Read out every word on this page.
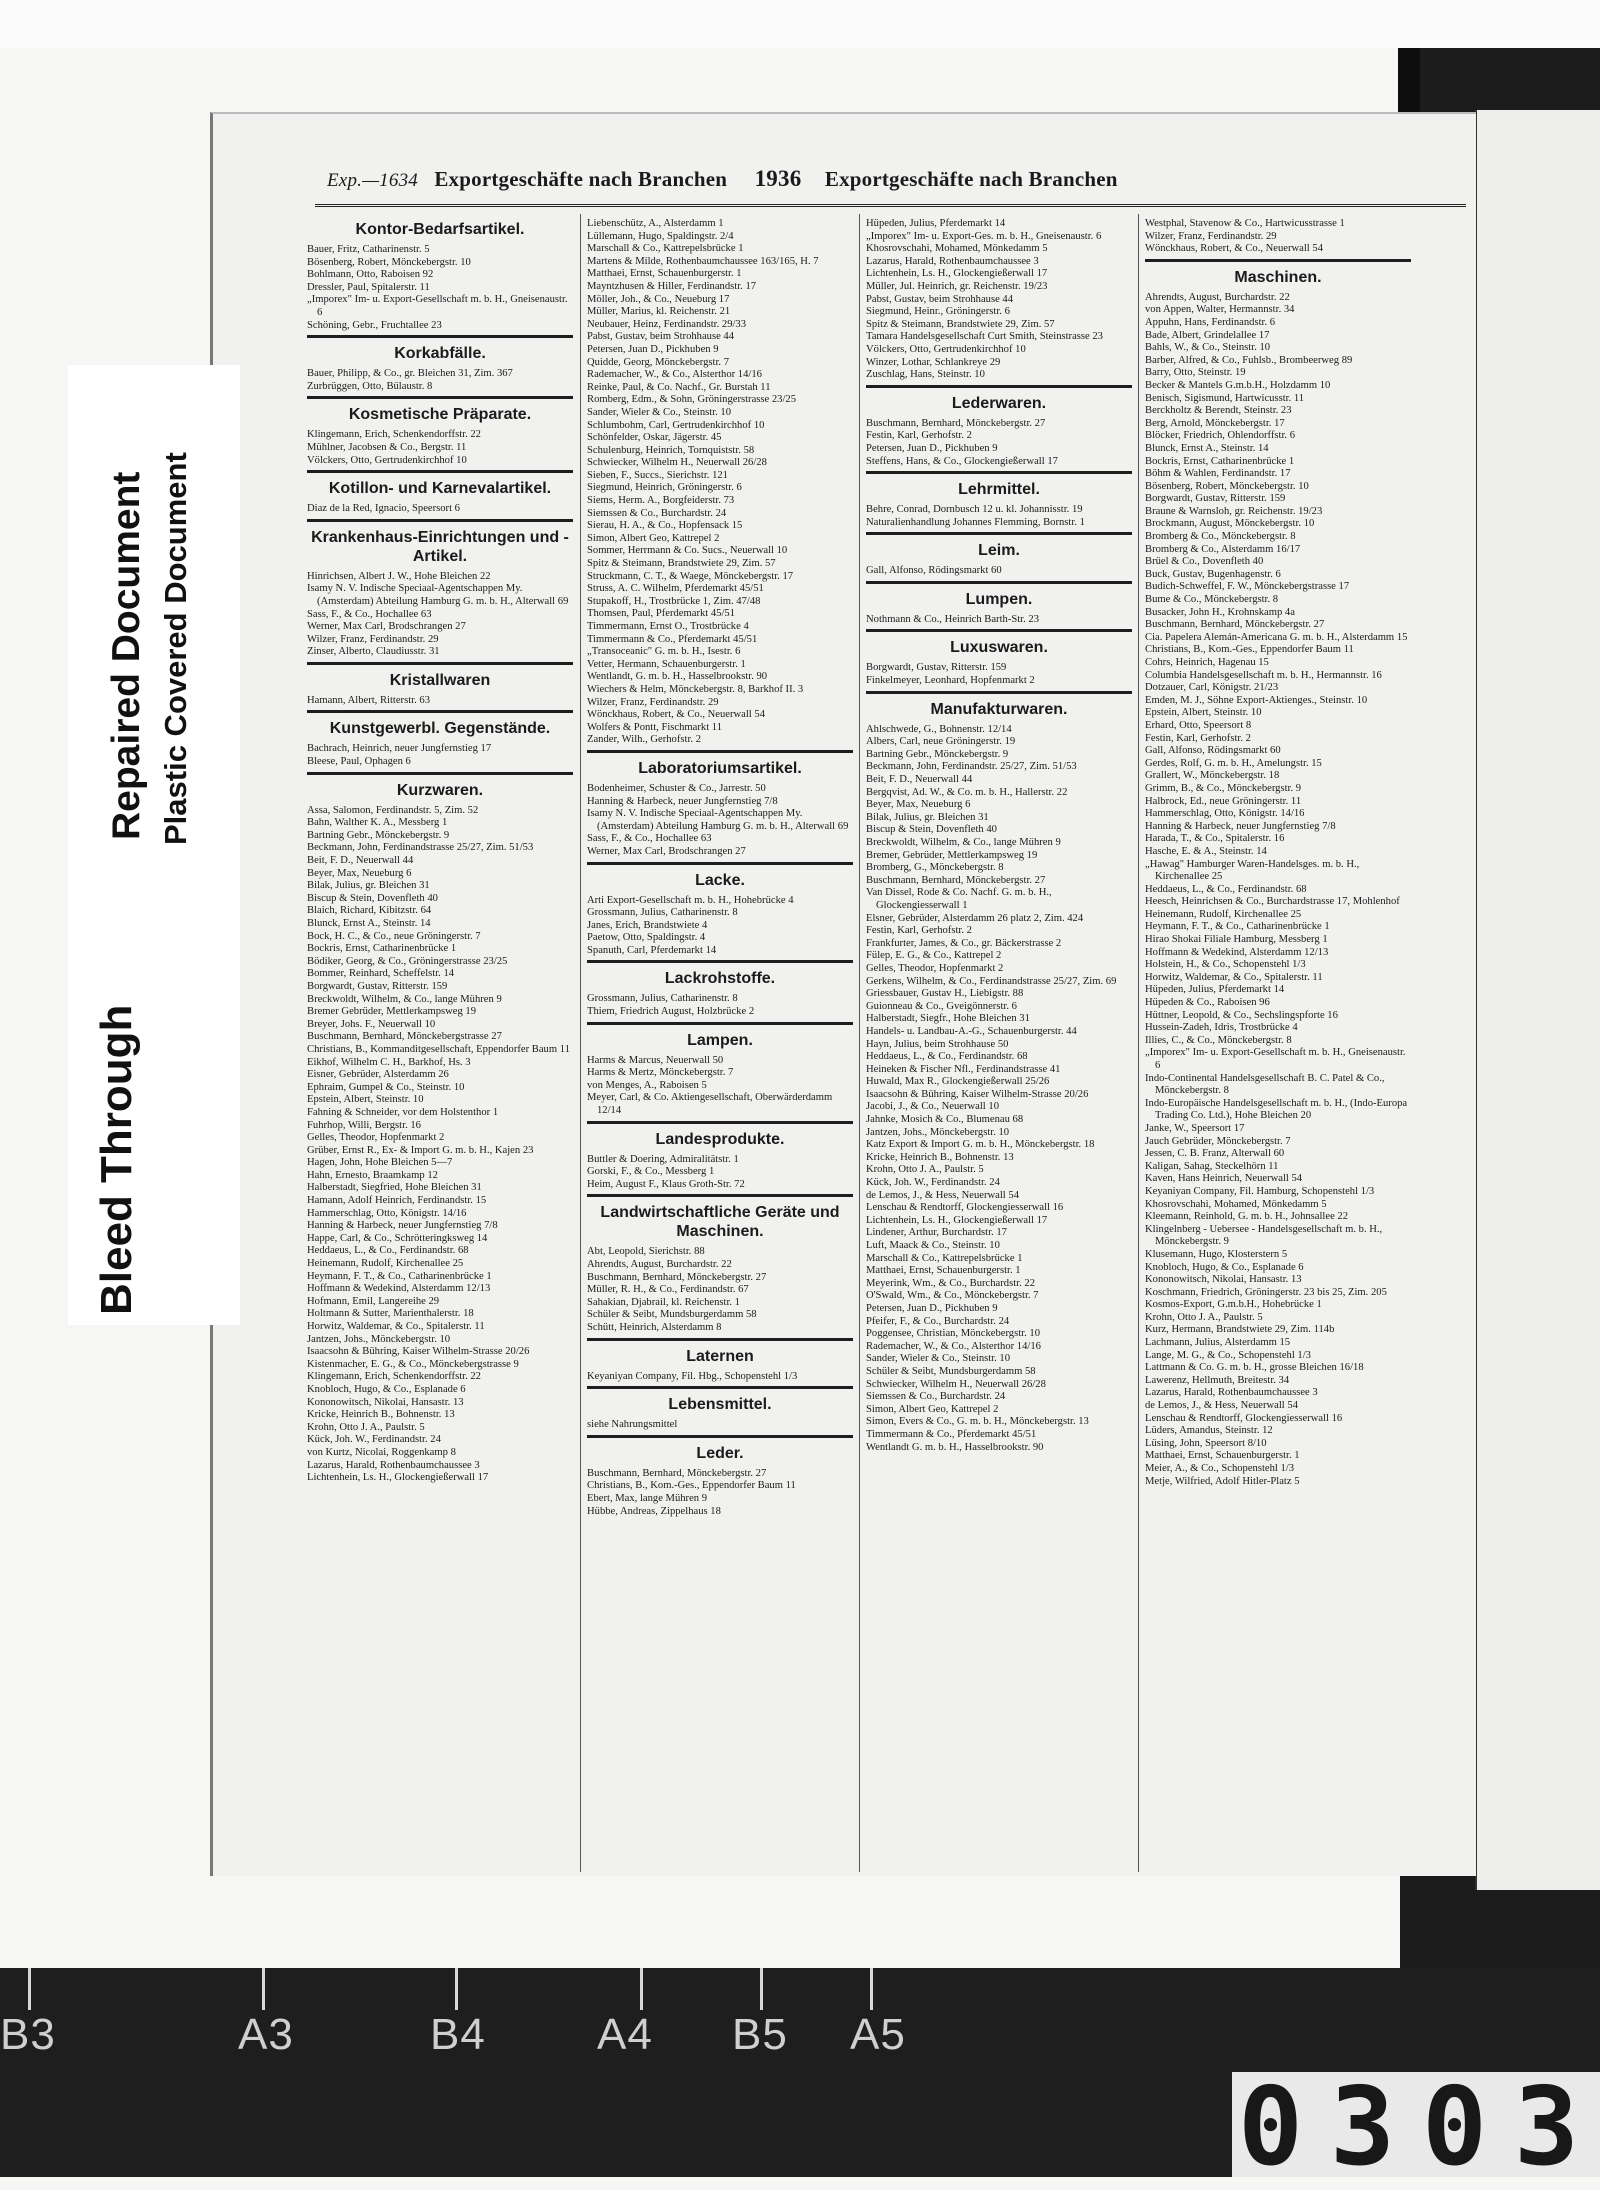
Exp.—1634 Exportgeschäfte nach Branchen 1936 Exportgeschäfte nach Branchen
Kontor-Bedarfsartikel.

Bauer, Fritz, Catharinenstr. 5

Bösenberg, Robert, Mönckebergstr. 10

Bohlmann, Otto, Raboisen 92

Dressler, Paul, Spitalerstr. 11

„Imporex" Im- u. Export-Gesellschaft m. b. H., Gneisenaustr. 6

Schöning, Gebr., Fruchtallee 23

Korkabfälle.

Bauer, Philipp, & Co., gr. Bleichen 31, Zim. 367

Zurbrüggen, Otto, Bülaustr. 8

Kosmetische Präparate.

Klingemann, Erich, Schenkendorffstr. 22

Mühlner, Jacobsen & Co., Bergstr. 11

Völckers, Otto, Gertrudenkirchhof 10

Kotillon- und Karnevalartikel.

Diaz de la Red, Ignacio, Speersort 6

Krankenhaus-Einrichtungen und -Artikel.

Hinrichsen, Albert J. W., Hohe Bleichen 22

Isamy N. V. Indische Speciaal-Agentschappen My. (Amsterdam) Abteilung Hamburg G. m. b. H., Alterwall 69

Sass, F., & Co., Hochallee 63

Werner, Max Carl, Brodschrangen 27

Wilzer, Franz, Ferdinandstr. 29

Zinser, Alberto, Claudiusstr. 31

Kristallwaren

Hamann, Albert, Ritterstr. 63

Kunstgewerbl. Gegenstände.

Bachrach, Heinrich, neuer Jungfernstieg 17

Bleese, Paul, Ophagen 6

Kurzwaren.

Assa, Salomon, Ferdinandstr. 5, Zim. 52

Bahn, Walther K. A., Messberg 1

Bartning Gebr., Mönckebergstr. 9

Beckmann, John, Ferdinandstrasse 25/27, Zim. 51/53

Beit, F. D., Neuerwall 44

Beyer, Max, Neueburg 6

Bilak, Julius, gr. Bleichen 31

Biscup & Stein, Dovenfleth 40

Blaich, Richard, Kibitzstr. 64

Blunck, Ernst A., Steinstr. 14

Bock, H. C., & Co., neue Gröningerstr. 7

Bockris, Ernst, Catharinenbrücke 1

Bödiker, Georg, & Co., Gröningerstrasse 23/25

Bommer, Reinhard, Scheffelstr. 14

Borgwardt, Gustav, Ritterstr. 159

Breckwoldt, Wilhelm, & Co., lange Mühren 9

Bremer Gebrüder, Mettlerkampsweg 19

Breyer, Johs. F., Neuerwall 10

Buschmann, Bernhard, Mönckebergstrasse 27

Christians, B., Kommanditgesellschaft, Eppendorfer Baum 11

Eikhof, Wilhelm C. H., Barkhof, Hs. 3

Eisner, Gebrüder, Alsterdamm 26

Ephraim, Gumpel & Co., Steinstr. 10

Epstein, Albert, Steinstr. 10

Fahning & Schneider, vor dem Holstenthor 1

Fuhrhop, Willi, Bergstr. 16

Gelles, Theodor, Hopfenmarkt 2

Grüber, Ernst R., Ex- & Import G. m. b. H., Kajen 23

Hagen, John, Hohe Bleichen 5—7

Hahn, Ernesto, Braamkamp 12

Halberstadt, Siegfried, Hohe Bleichen 31

Hamann, Adolf Heinrich, Ferdinandstr. 15

Hammerschlag, Otto, Königstr. 14/16

Hanning & Harbeck, neuer Jungfernstieg 7/8

Happe, Carl, & Co., Schrötteringksweg 14

Heddaeus, L., & Co., Ferdinandstr. 68

Heinemann, Rudolf, Kirchenallee 25

Heymann, F. T., & Co., Catharinenbrücke 1

Hoffmann & Wedekind, Alsterdamm 12/13

Hofmann, Emil, Langereihe 29

Holtmann & Sutter, Marienthalerstr. 18

Horwitz, Waldemar, & Co., Spitalerstr. 11

Jantzen, Johs., Mönckebergstr. 10

Isaacsohn & Bühring, Kaiser Wilhelm-Strasse 20/26

Kistenmacher, E. G., & Co., Mönckebergstrasse 9

Klingemann, Erich, Schenkendorffstr. 22

Knobloch, Hugo, & Co., Esplanade 6

Kononowitsch, Nikolai, Hansastr. 13

Kricke, Heinrich B., Bohnenstr. 13

Krohn, Otto J. A., Paulstr. 5

Kück, Joh. W., Ferdinandstr. 24

von Kurtz, Nicolai, Roggenkamp 8

Lazarus, Harald, Rothenbaumchaussee 3

Lichtenhein, Ls. H., Glockengießerwall 17

Liebenschütz, A., Alsterdamm 1

Lüllemann, Hugo, Spaldingstr. 2/4

Marschall & Co., Kattrepelsbrücke 1

Martens & Milde, Rothenbaumchaussee 163/165, H. 7

Matthaei, Ernst, Schauenburgerstr. 1

Mayntzhusen & Hiller, Ferdinandstr. 17

Möller, Joh., & Co., Neueburg 17

Müller, Marius, kl. Reichenstr. 21

Neubauer, Heinz, Ferdinandstr. 29/33

Pabst, Gustav, beim Strohhause 44

Petersen, Juan D., Pickhuben 9

Quidde, Georg, Mönckebergstr. 7

Rademacher, W., & Co., Alsterthor 14/16

Reinke, Paul, & Co. Nachf., Gr. Burstah 11

Romberg, Edm., & Sohn, Gröningerstrasse 23/25

Sander, Wieler & Co., Steinstr. 10

Schlumbohm, Carl, Gertrudenkirchhof 10

Schönfelder, Oskar, Jägerstr. 45

Schulenburg, Heinrich, Tornquiststr. 58

Schwiecker, Wilhelm H., Neuerwall 26/28

Sieben, F., Succs., Sierichstr. 121

Siegmund, Heinrich, Gröningerstr. 6

Siems, Herm. A., Borgfeiderstr. 73

Siemssen & Co., Burchardstr. 24

Sierau, H. A., & Co., Hopfensack 15

Simon, Albert Geo, Kattrepel 2

Sommer, Herrmann & Co. Sucs., Neuerwall 10

Spitz & Steimann, Brandstwiete 29, Zim. 57

Struckmann, C. T., & Waege, Mönckebergstr. 17

Struss, A. C. Wilhelm, Pferdemarkt 45/51

Stupakoff, H., Trostbrücke 1, Zim. 47/48

Thomsen, Paul, Pferdemarkt 45/51

Timmermann, Ernst O., Trostbrücke 4

Timmermann & Co., Pferdemarkt 45/51

„Transoceanic" G. m. b. H., Isestr. 6

Vetter, Hermann, Schauenburgerstr. 1

Wentlandt, G. m. b. H., Hasselbrookstr. 90

Wiechers & Helm, Mönckebergstr. 8, Barkhof II. 3

Wilzer, Franz, Ferdinandstr. 29

Wönckhaus, Robert, & Co., Neuerwall 54

Wolfers & Pontt, Fischmarkt 11

Zander, Wilh., Gerhofstr. 2

Laboratoriumsartikel.

Bodenheimer, Schuster & Co., Jarrestr. 50

Hanning & Harbeck, neuer Jungfernstieg 7/8

Isamy N. V. Indische Speciaal-Agentschappen My. (Amsterdam) Abteilung Hamburg G. m. b. H., Alterwall 69

Sass, F., & Co., Hochallee 63

Werner, Max Carl, Brodschrangen 27

Lacke.

Arti Export-Gesellschaft m. b. H., Hohebrücke 4

Grossmann, Julius, Catharinenstr. 8

Janes, Erich, Brandstwiete 4

Paetow, Otto, Spaldingstr. 4

Spanuth, Carl, Pferdemarkt 14

Lackrohstoffe.

Grossmann, Julius, Catharinenstr. 8

Thiem, Friedrich August, Holzbrücke 2

Lampen.

Harms & Marcus, Neuerwall 50

Harms & Mertz, Mönckebergstr. 7

von Menges, A., Raboisen 5

Meyer, Carl, & Co. Aktiengesellschaft, Oberwärderdamm 12/14

Landesprodukte.

Buttler & Doering, Admiralitätstr. 1

Gorski, F., & Co., Messberg 1

Heim, August F., Klaus Groth-Str. 72

Landwirtschaftliche Geräte und Maschinen.

Abt, Leopold, Sierichstr. 88

Ahrendts, August, Burchardstr. 22

Buschmann, Bernhard, Mönckebergstr. 27

Müller, R. H., & Co., Ferdinandstr. 67

Sahakian, Djabrail, kl. Reichenstr. 1

Schüler & Seibt, Mundsburgerdamm 58

Schütt, Heinrich, Alsterdamm 8

Laternen

Keyaniyan Company, Fil. Hbg., Schopenstehl 1/3

Lebensmittel.

siehe Nahrungsmittel

Leder.

Buschmann, Bernhard, Mönckebergstr. 27

Christians, B., Kom.-Ges., Eppendorfer Baum 11

Ebert, Max, lange Mühren 9

Hübbe, Andreas, Zippelhaus 18

Hüpeden, Julius, Pferdemarkt 14

„Imporex" Im- u. Export-Ges. m. b. H., Gneisenaustr. 6

Khosrovschahi, Mohamed, Mönkedamm 5

Lazarus, Harald, Rothenbaumchaussee 3

Lichtenhein, Ls. H., Glockengießerwall 17

Müller, Jul. Heinrich, gr. Reichenstr. 19/23

Pabst, Gustav, beim Strohhause 44

Siegmund, Heinr., Gröningerstr. 6

Spitz & Steimann, Brandstwiete 29, Zim. 57

Tamara Handelsgesellschaft Curt Smith, Steinstrasse 23

Völckers, Otto, Gertrudenkirchhof 10

Winzer, Lothar, Schlankreye 29

Zuschlag, Hans, Steinstr. 10

Lederwaren.

Buschmann, Bernhard, Mönckebergstr. 27

Festin, Karl, Gerhofstr. 2

Petersen, Juan D., Pickhuben 9

Steffens, Hans, & Co., Glockengießerwall 17

Lehrmittel.

Behre, Conrad, Dornbusch 12 u. kl. Johannisstr. 19

Naturalienhandlung Johannes Flemming, Bornstr. 1

Leim.

Gall, Alfonso, Rödingsmarkt 60

Lumpen.

Nothmann & Co., Heinrich Barth-Str. 23

Luxuswaren.

Borgwardt, Gustav, Ritterstr. 159

Finkelmeyer, Leonhard, Hopfenmarkt 2

Manufakturwaren.

Ahlschwede, G., Bohnenstr. 12/14

Albers, Carl, neue Gröningerstr. 19

Bartning Gebr., Mönckebergstr. 9

Beckmann, John, Ferdinandstr. 25/27, Zim. 51/53

Beit, F. D., Neuerwall 44

Bergqvist, Ad. W., & Co. m. b. H., Hallerstr. 22

Beyer, Max, Neueburg 6

Bilak, Julius, gr. Bleichen 31

Biscup & Stein, Dovenfleth 40

Breckwoldt, Wilhelm, & Co., lange Mühren 9

Bremer, Gebrüder, Mettlerkampsweg 19

Bromberg, G., Mönckebergstr. 8

Buschmann, Bernhard, Mönckebergstr. 27

Van Dissel, Rode & Co. Nachf. G. m. b. H., Glockengiesserwall 1

Elsner, Gebrüder, Alsterdamm 26 platz 2, Zim. 424

Festin, Karl, Gerhofstr. 2

Frankfurter, James, & Co., gr. Bäckerstrasse 2

Fülep, E. G., & Co., Kattrepel 2

Gelles, Theodor, Hopfenmarkt 2

Gerkens, Wilhelm, & Co., Ferdinandstrasse 25/27, Zim. 69

Griessbauer, Gustav H., Liebigstr. 88

Guionneau & Co., Gveigönnerstr. 6

Halberstadt, Siegfr., Hohe Bleichen 31

Handels- u. Landbau-A.-G., Schauenburgerstr. 44

Hayn, Julius, beim Strohhause 50

Heddaeus, L., & Co., Ferdinandstr. 68

Heineken & Fischer Nfl., Ferdinandstrasse 41

Huwald, Max R., Glockengießerwall 25/26

Isaacsohn & Bühring, Kaiser Wilhelm-Strasse 20/26

Jacobi, J., & Co., Neuerwall 10

Jahnke, Mosich & Co., Blumenau 68

Jantzen, Johs., Mönckebergstr. 10

Katz Export & Import G. m. b. H., Mönckebergstr. 18

Kricke, Heinrich B., Bohnenstr. 13

Krohn, Otto J. A., Paulstr. 5

Kück, Joh. W., Ferdinandstr. 24

de Lemos, J., & Hess, Neuerwall 54

Lenschau & Rendtorff, Glockengiesserwall 16

Lichtenhein, Ls. H., Glockengießerwall 17

Lindener, Arthur, Burchardstr. 17

Luft, Maack & Co., Steinstr. 10

Marschall & Co., Kattrepelsbrücke 1

Matthaei, Ernst, Schauenburgerstr. 1

Meyerink, Wm., & Co., Burchardstr. 22

O'Swald, Wm., & Co., Mönckebergstr. 7

Petersen, Juan D., Pickhuben 9

Pfeifer, F., & Co., Burchardstr. 24

Poggensee, Christian, Mönckebergstr. 10

Rademacher, W., & Co., Alsterthor 14/16

Sander, Wieler & Co., Steinstr. 10

Schüler & Seibt, Mundsburgerdamm 58

Schwiecker, Wilhelm H., Neuerwall 26/28

Siemssen & Co., Burchardstr. 24

Simon, Albert Geo, Kattrepel 2

Simon, Evers & Co., G. m. b. H., Mönckebergstr. 13

Timmermann & Co., Pferdemarkt 45/51

Wentlandt G. m. b. H., Hasselbrookstr. 90

Westphal, Stavenow & Co., Hartwicusstrasse 1

Wilzer, Franz, Ferdinandstr. 29

Wönckhaus, Robert, & Co., Neuerwall 54

Maschinen.

Ahrendts, August, Burchardstr. 22

von Appen, Walter, Hermannstr. 34

Appuhn, Hans, Ferdinandstr. 6

Bade, Albert, Grindelallee 17

Bahls, W., & Co., Steinstr. 10

Barber, Alfred, & Co., Fuhlsb., Brombeerweg 89

Barry, Otto, Steinstr. 19

Becker & Mantels G.m.b.H., Holzdamm 10

Benisch, Sigismund, Hartwicusstr. 11

Berckholtz & Berendt, Steinstr. 23

Berg, Arnold, Mönckebergstr. 17

Blöcker, Friedrich, Ohlendorffstr. 6

Blunck, Ernst A., Steinstr. 14

Bockris, Ernst, Catharinenbrücke 1

Böhm & Wahlen, Ferdinandstr. 17

Bösenberg, Robert, Mönckebergstr. 10

Borgwardt, Gustav, Ritterstr. 159

Braune & Warnsloh, gr. Reichenstr. 19/23

Brockmann, August, Mönckebergstr. 10

Bromberg & Co., Mönckebergstr. 8

Bromberg & Co., Alsterdamm 16/17

Brüel & Co., Dovenfleth 40

Buck, Gustav, Bugenhagenstr. 6

Budich-Schweffel, F. W., Mönckebergstrasse 17

Bume & Co., Mönckebergstr. 8

Busacker, John H., Krohnskamp 4a

Buschmann, Bernhard, Mönckebergstr. 27

Cia. Papelera Alemán-Americana G. m. b. H., Alsterdamm 15

Christians, B., Kom.-Ges., Eppendorfer Baum 11

Cohrs, Heinrich, Hagenau 15

Columbia Handelsgesellschaft m. b. H., Hermannstr. 16

Dotzauer, Carl, Königstr. 21/23

Emden, M. J., Söhne Export-Aktienges., Steinstr. 10

Epstein, Albert, Steinstr. 10

Erhard, Otto, Speersort 8

Festin, Karl, Gerhofstr. 2

Gall, Alfonso, Rödingsmarkt 60

Gerdes, Rolf, G. m. b. H., Amelungstr. 15

Grallert, W., Mönckebergstr. 18

Grimm, B., & Co., Mönckebergstr. 9

Halbrock, Ed., neue Gröningerstr. 11

Hammerschlag, Otto, Königstr. 14/16

Hanning & Harbeck, neuer Jungfernstieg 7/8

Harada, T., & Co., Spitalerstr. 16

Hasche, E. & A., Steinstr. 14

„Hawag" Hamburger Waren-Handelsges. m. b. H., Kirchenallee 25

Heddaeus, L., & Co., Ferdinandstr. 68

Heesch, Heinrichsen & Co., Burchardstrasse 17, Mohlenhof

Heinemann, Rudolf, Kirchenallee 25

Heymann, F. T., & Co., Catharinenbrücke 1

Hirao Shokai Filiale Hamburg, Messberg 1

Hoffmann & Wedekind, Alsterdamm 12/13

Holstein, H., & Co., Schopenstehl 1/3

Horwitz, Waldemar, & Co., Spitalerstr. 11

Hüpeden, Julius, Pferdemarkt 14

Hüpeden & Co., Raboisen 96

Hüttner, Leopold, & Co., Sechslingspforte 16

Hussein-Zadeh, Idris, Trostbrücke 4

Illies, C., & Co., Mönckebergstr. 8

„Imporex" Im- u. Export-Gesellschaft m. b. H., Gneisenaustr. 6

Indo-Continental Handelsgesellschaft B. C. Patel & Co., Mönckebergstr. 8

Indo-Europäische Handelsgesellschaft m. b. H., (Indo-Europa Trading Co. Ltd.), Hohe Bleichen 20

Janke, W., Speersort 17

Jauch Gebrüder, Mönckebergstr. 7

Jessen, C. B. Franz, Alterwall 60

Kaligan, Sahag, Steckelhörn 11

Kaven, Hans Heinrich, Neuerwall 54

Keyaniyan Company, Fil. Hamburg, Schopenstehl 1/3

Khosrovschahi, Mohamed, Mönkedamm 5

Kleemann, Reinhold, G. m. b. H., Johnsallee 22

Klingelnberg - Uebersee - Handelsgesellschaft m. b. H., Mönckebergstr. 9

Klusemann, Hugo, Klosterstern 5

Knobloch, Hugo, & Co., Esplanade 6

Kononowitsch, Nikolai, Hansastr. 13

Koschmann, Friedrich, Gröningerstr. 23 bis 25, Zim. 205

Kosmos-Export, G.m.b.H., Hohebrücke 1

Krohn, Otto J. A., Paulstr. 5

Kurz, Hermann, Brandstwiete 29, Zim. 114b

Lachmann, Julius, Alsterdamm 15

Lange, M. G., & Co., Schopenstehl 1/3

Lattmann & Co. G. m. b. H., grosse Bleichen 16/18

Lawerenz, Hellmuth, Breitestr. 34

Lazarus, Harald, Rothenbaumchaussee 3

de Lemos, J., & Hess, Neuerwall 54

Lenschau & Rendtorff, Glockengiesserwall 16

Lüders, Amandus, Steinstr. 12

Lüsing, John, Speersort 8/10

Matthaei, Ernst, Schauenburgerstr. 1

Meier, A., & Co., Schopenstehl 1/3

Metje, Wilfried, Adolf Hitler-Platz 5

Bleed Through
Repaired Document Plastic Covered Document
B3	A3	B4	A4 B5 A5
0 3 0 3
